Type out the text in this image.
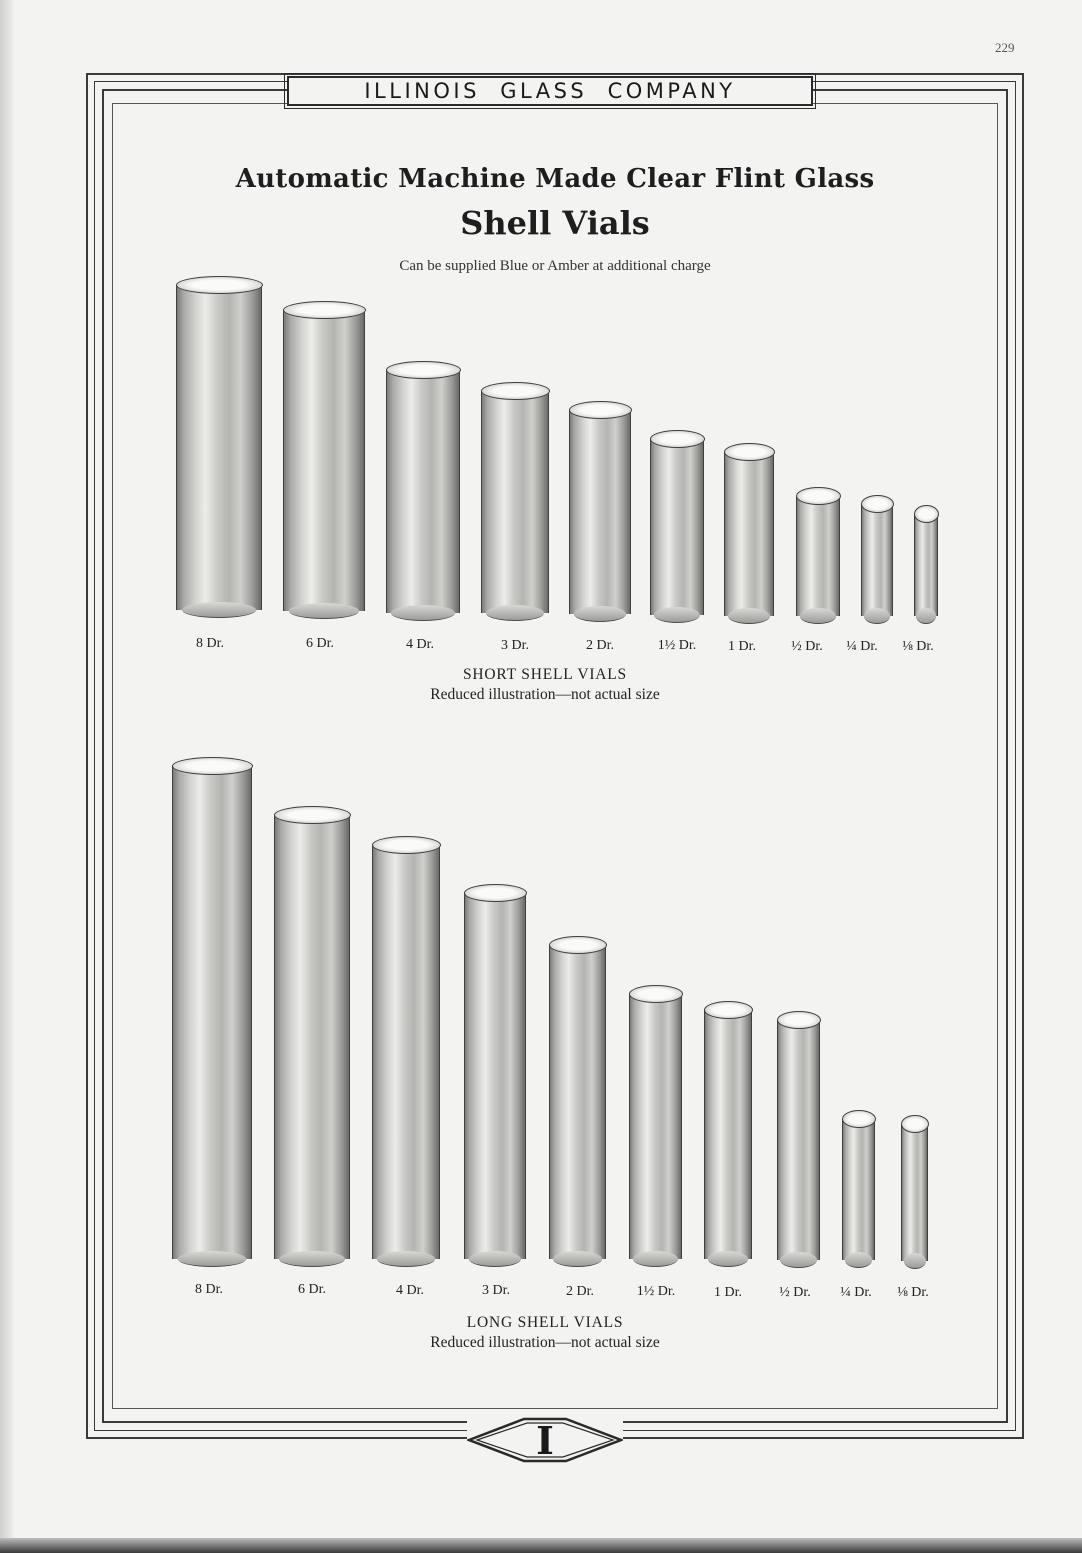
229
ILLINOIS  GLASS  COMPANY
Automatic Machine Made Clear Flint Glass
Shell Vials
Can be supplied Blue or Amber at additional charge
8 Dr.	6 Dr.	4 Dr.	3 Dr.	2 Dr.	1½ Dr. 1 Dr.	½ Dr. ¼ Dr. ⅛ Dr.
SHORT SHELL VIALS
Reduced illustration—not actual size
8 Dr.	6 Dr.	4 Dr.	3 Dr.	2 Dr.	1½ Dr.	1 Dr.	½ Dr. ¼ Dr. ⅛ Dr.
LONG SHELL VIALS
Reduced illustration—not actual size
I
